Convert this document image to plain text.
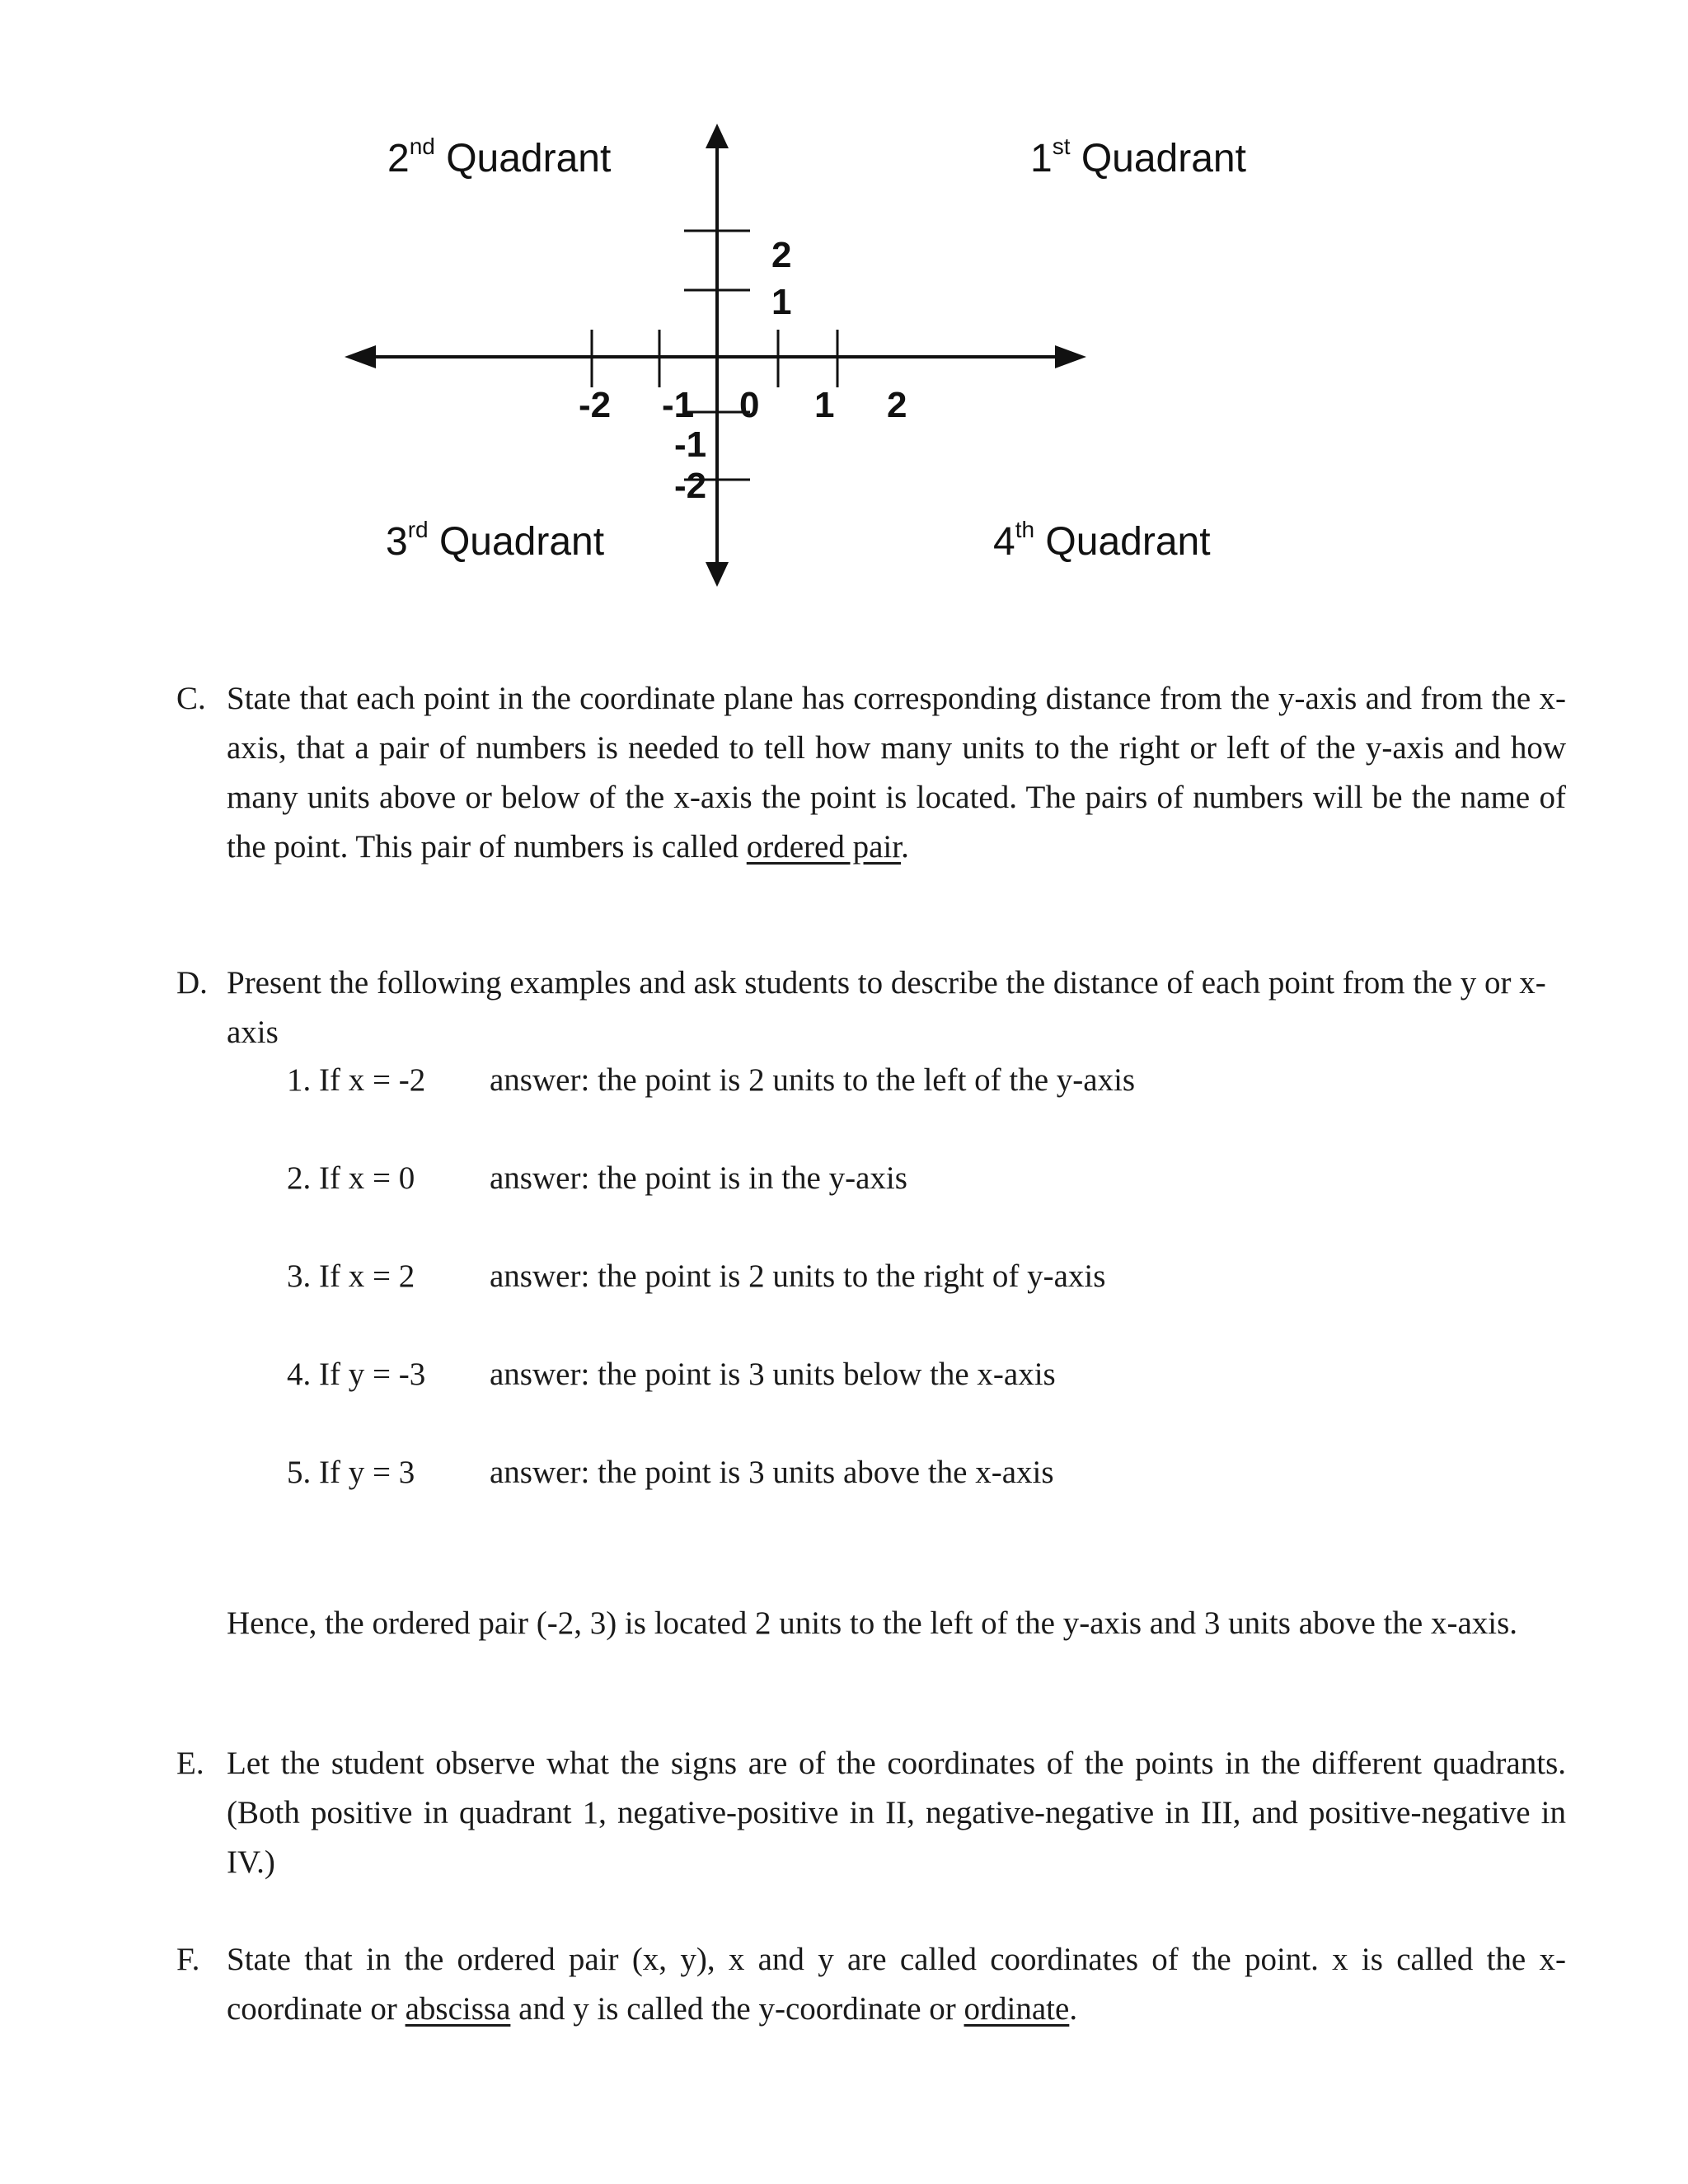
2nd Quadrant	1st Quadrant
3rd Quadrant	4th Quadrant
-2 -1 0 1 2
2
1
-1
-2
C. State that each point in the coordinate plane has corresponding distance from the y-axis and from the x-axis, that a pair of numbers is needed to tell how many units to the right or left of the y-axis and how many units above or below of the x-axis the point is located. The pairs of numbers will be the name of the point. This pair of numbers is called ordered pair.
D. Present the following examples and ask students to describe the distance of each point from the y or x-axis
1. If x = -2 answer: the point is 2 units to the left of the y-axis
2. If x = 0 answer: the point is in the y-axis
3. If x = 2 answer: the point is 2 units to the right of y-axis
4. If y = -3 answer: the point is 3 units below the x-axis
5. If y = 3 answer: the point is 3 units above the x-axis
Hence, the ordered pair (-2, 3) is located 2 units to the left of the y-axis and 3 units above the x-axis.
E. Let the student observe what the signs are of the coordinates of the points in the different quadrants. (Both positive in quadrant 1, negative-positive in II, negative-negative in III, and positive-negative in IV.)
F. State that in the ordered pair (x, y), x and y are called coordinates of the point. x is called the x-coordinate or abscissa and y is called the y-coordinate or ordinate.
